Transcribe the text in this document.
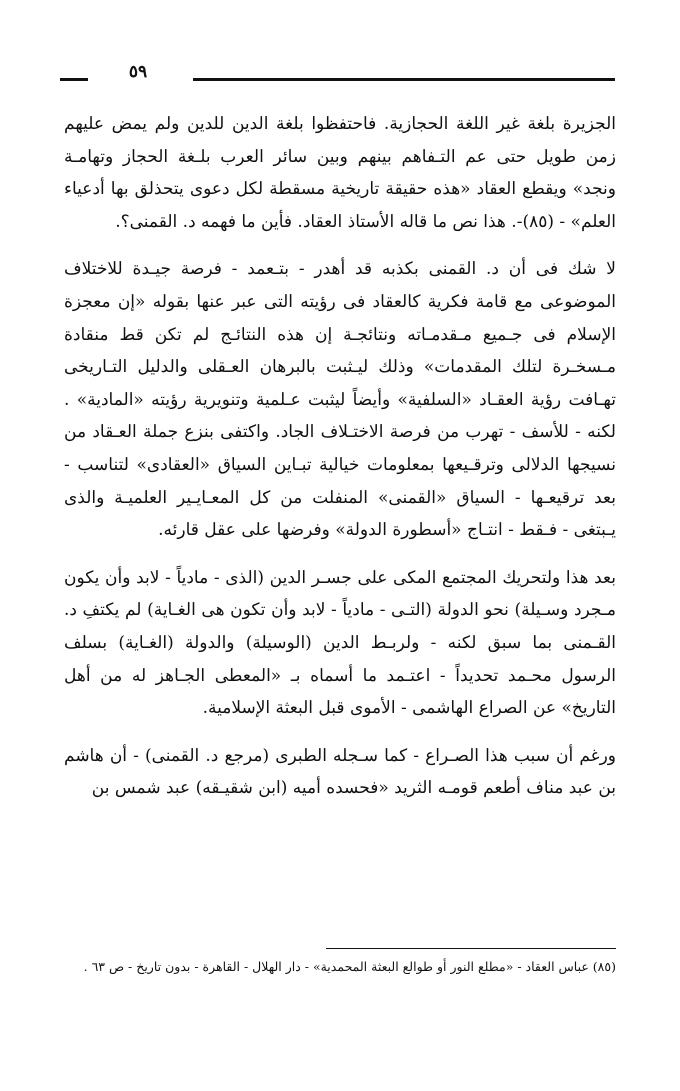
٥٩

الجزيرة بلغة غير اللغة الحجازية. فاحتفظوا بلغة الدين للدين ولم يمض عليهم زمن طويل حتى عم التـفاهم بينهم وبين سائر العرب بلـغة الحجاز وتهامـة ونجد» ويقطع العقاد «هذه حقيقة تاريخية مسقطة لكل دعوى يتحذلق بها أدعياء العلم» - (٨٥)-. هذا نص ما قاله الأستاذ العقاد. فأين ما فهمه د. القمنى؟.

لا شك فى أن د. القمنى بكذبه قد أهدر - بتـعمد - فرصة جيـدة للاختلاف الموضوعى مع قامة فكرية كالعقاد فى رؤيته التى عبر عنها بقوله «إن معجزة الإسلام فى جـميع مـقدمـاته ونتائجـة إن هذه النتائـج لم تكن قط منقادة مـسخـرة لتلك المقدمات» وذلك ليـثبت بالبرهان العـقلى والدليل التـاريخى تهـافت رؤية العقـاد «السلفية» وأيضاً ليثبت عـلمية وتنويرية رؤيته «المادية» . لكنه - للأسف - تهرب من فرصة الاختـلاف الجاد. واكتفى بنزع جملة العـقاد من نسيجها الدلالى وترقـيعها بمعلومات خيالية تبـاين السياق «العقادى» لتناسب - بعد ترقيعـها - السياق «القمنى» المنفلت من كل المعـايـير العلميـة والذى يـبتغى - فـقط - انتـاج «أسطورة الدولة» وفرضها على عقل قارئه.

بعد هذا ولتحريك المجتمع المكى على جسـر الدين (الذى - مادياً - لابد وأن يكون مـجرد وسـيلة) نحو الدولة (التـى - مادياً - لابد وأن تكون هى الغـاية) لم يكتفِ د. القـمنى بما سبق لكنه - ولربـط الدين (الوسيلة) والدولة (الغـاية) بسلف الرسول محـمد تحديداً - اعتـمد ما أسماه بـ «المعطى الجـاهز له من أهل التاريخ» عن الصراع الهاشمى - الأموى قبل البعثة الإسلامية.

ورغم أن سبب هذا الصـراع - كما سـجله الطبرى (مرجع د. القمنى) - أن هاشم بن عبد مناف أطعم قومـه الثريد «فحسده أميه (ابن شقيـقه) عبد شمس بن

(٨٥) عباس العقاد - «مطلع النور أو طوالع البعثة المحمدية» - دار الهلال - القاهرة - بدون تاريخ - ص ٦٣ .
